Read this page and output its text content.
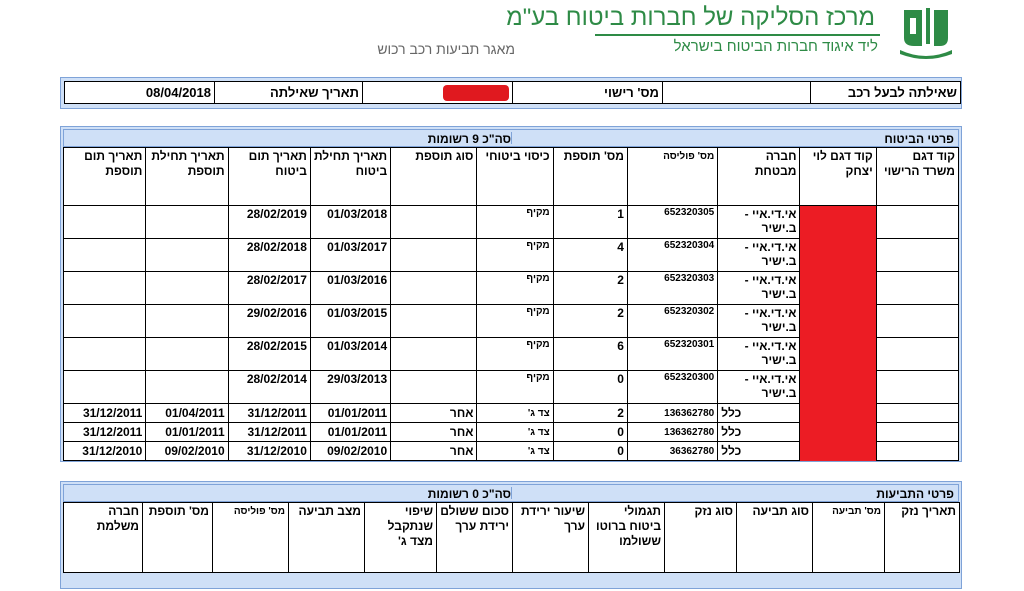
מרכז הסליקה של חברות ביטוח בע"מ
ליד איגוד חברות הביטוח בישראל
מאגר תביעות רכב רכוש
שאילתה לבעל רכב		מס' רישוי		תאריך שאילתה	08/04/2018
פרטי הביטוח
סה"כ 9 רשומות
קוד דגם משרד הרישוי	קוד דגם לוי יצחק	חברה מבטחת	מס' פוליסה	מס' תוספת	כיסוי ביטוחי	סוג תוספת	תאריך תחילת ביטוח	תאריך תום ביטוח	תאריך תחילת תוספת	תאריך תום תוספת
		אי.די.איי - ב.ישיר	652320305	1	מקיף		01/03/2018	28/02/2019		
		אי.די.איי - ב.ישיר	652320304	4	מקיף		01/03/2017	28/02/2018		
		אי.די.איי - ב.ישיר	652320303	2	מקיף		01/03/2016	28/02/2017		
		אי.די.איי - ב.ישיר	652320302	2	מקיף		01/03/2015	29/02/2016		
		אי.די.איי - ב.ישיר	652320301	6	מקיף		01/03/2014	28/02/2015		
		אי.די.איי - ב.ישיר	652320300	0	מקיף		29/03/2013	28/02/2014		
		כלל	136362780	2	צד ג'	אחר	01/01/2011	31/12/2011	01/04/2011	31/12/2011
		כלל	136362780	0	צד ג'	אחר	01/01/2011	31/12/2011	01/01/2011	31/12/2011
		כלל	36362780	0	צד ג'	אחר	09/02/2010	31/12/2010	09/02/2010	31/12/2010
פרטי התביעות
סה"כ 0 רשומות
תאריך נזק	מס' תביעה	סוג תביעה	סוג נזק	תגמולי ביטוח ברוטו ששולמו	שיעור ירידת ערך	סכום ששולם ירידת ערך	שיפוי שנתקבל מצד ג'	מצב תביעה	מס' פוליסה	מס' תוספת	חברה משלמת
